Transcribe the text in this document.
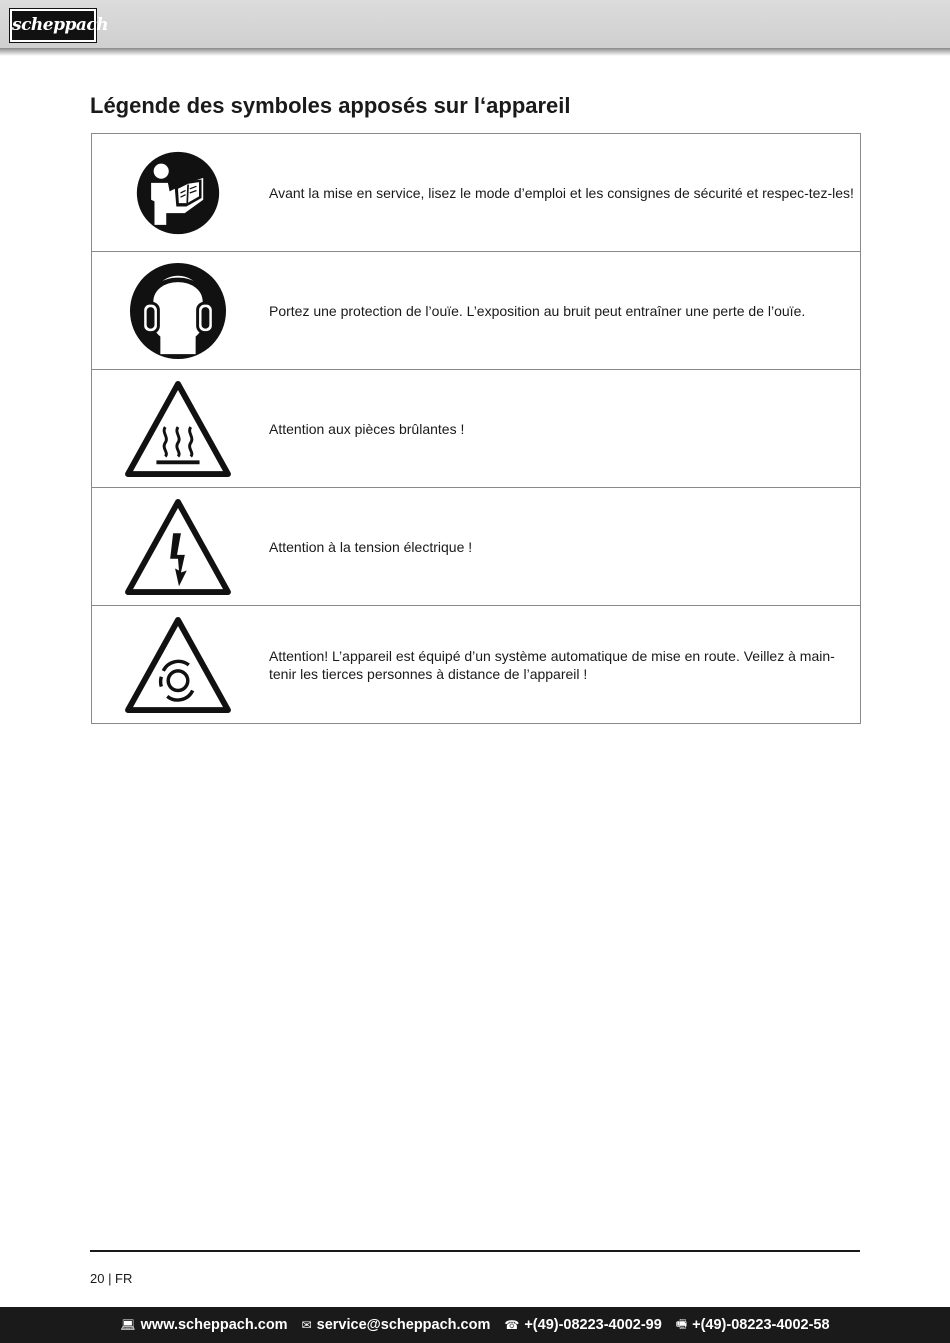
scheppach
Légende des symboles apposés sur l‘appareil
	Avant la mise en service, lisez le mode d’emploi et les consignes de sécurité et respec-tez-les!

	Portez une protection de l’ouïe. L’exposition au bruit peut entraîner une perte de l’ouïe.

	Attention aux pièces brûlantes !

	Attention à la tension électrique !

	Attention! L’appareil est équipé d’un système automatique de mise en route. Veillez à main-tenir les tierces personnes à distance de l’appareil !
20 | FR
💻︎ www.scheppach.com ✉︎ service@scheppach.com ☎ +(49)-08223-4002-99 🖷︎ +(49)-08223-4002-58
